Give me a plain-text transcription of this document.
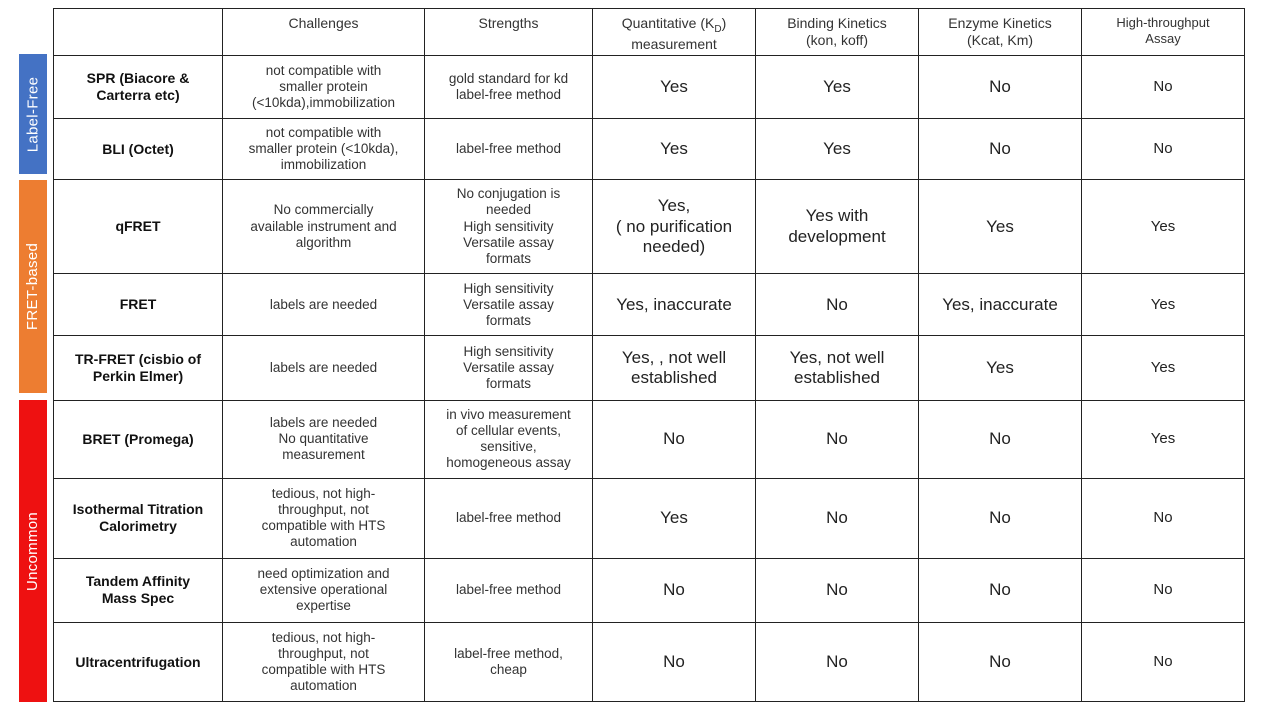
Label-Free
FRET-based
Uncommon
	Challenges	Strengths	Quantitative $(K_D)$
measurement	Binding Kinetics
(kon, koff)	Enzyme Kinetics
(Kcat, Km)	High-throughput
Assay
SPR (Biacore &
Carterra etc)	not compatible with
smaller protein
(<10kda),immobilization	gold standard for kd
label-free method	Yes	Yes	No	No
BLI (Octet)	not compatible with
smaller protein (<10kda),
immobilization	label-free method	Yes	Yes	No	No
qFRET	No commercially
available instrument and
algorithm	No conjugation is
needed
High sensitivity
Versatile assay
formats	Yes,
( no purification
needed)	Yes with
development	Yes	Yes
FRET	labels are needed	High sensitivity
Versatile assay
formats	Yes, inaccurate	No	Yes, inaccurate	Yes
TR-FRET (cisbio of
Perkin Elmer)	labels are needed	High sensitivity
Versatile assay
formats	Yes, , not well
established	Yes, not well
established	Yes	Yes
BRET (Promega)	labels are needed
No quantitative
measurement	in vivo measurement
of cellular events,
sensitive,
homogeneous assay	No	No	No	Yes
Isothermal Titration
Calorimetry	tedious, not high-
throughput, not
compatible with HTS
automation	label-free method	Yes	No	No	No
Tandem Affinity
Mass Spec	need optimization and
extensive operational
expertise	label-free method	No	No	No	No
Ultracentrifugation	tedious, not high-
throughput, not
compatible with HTS
automation	label-free method,
cheap	No	No	No	No
